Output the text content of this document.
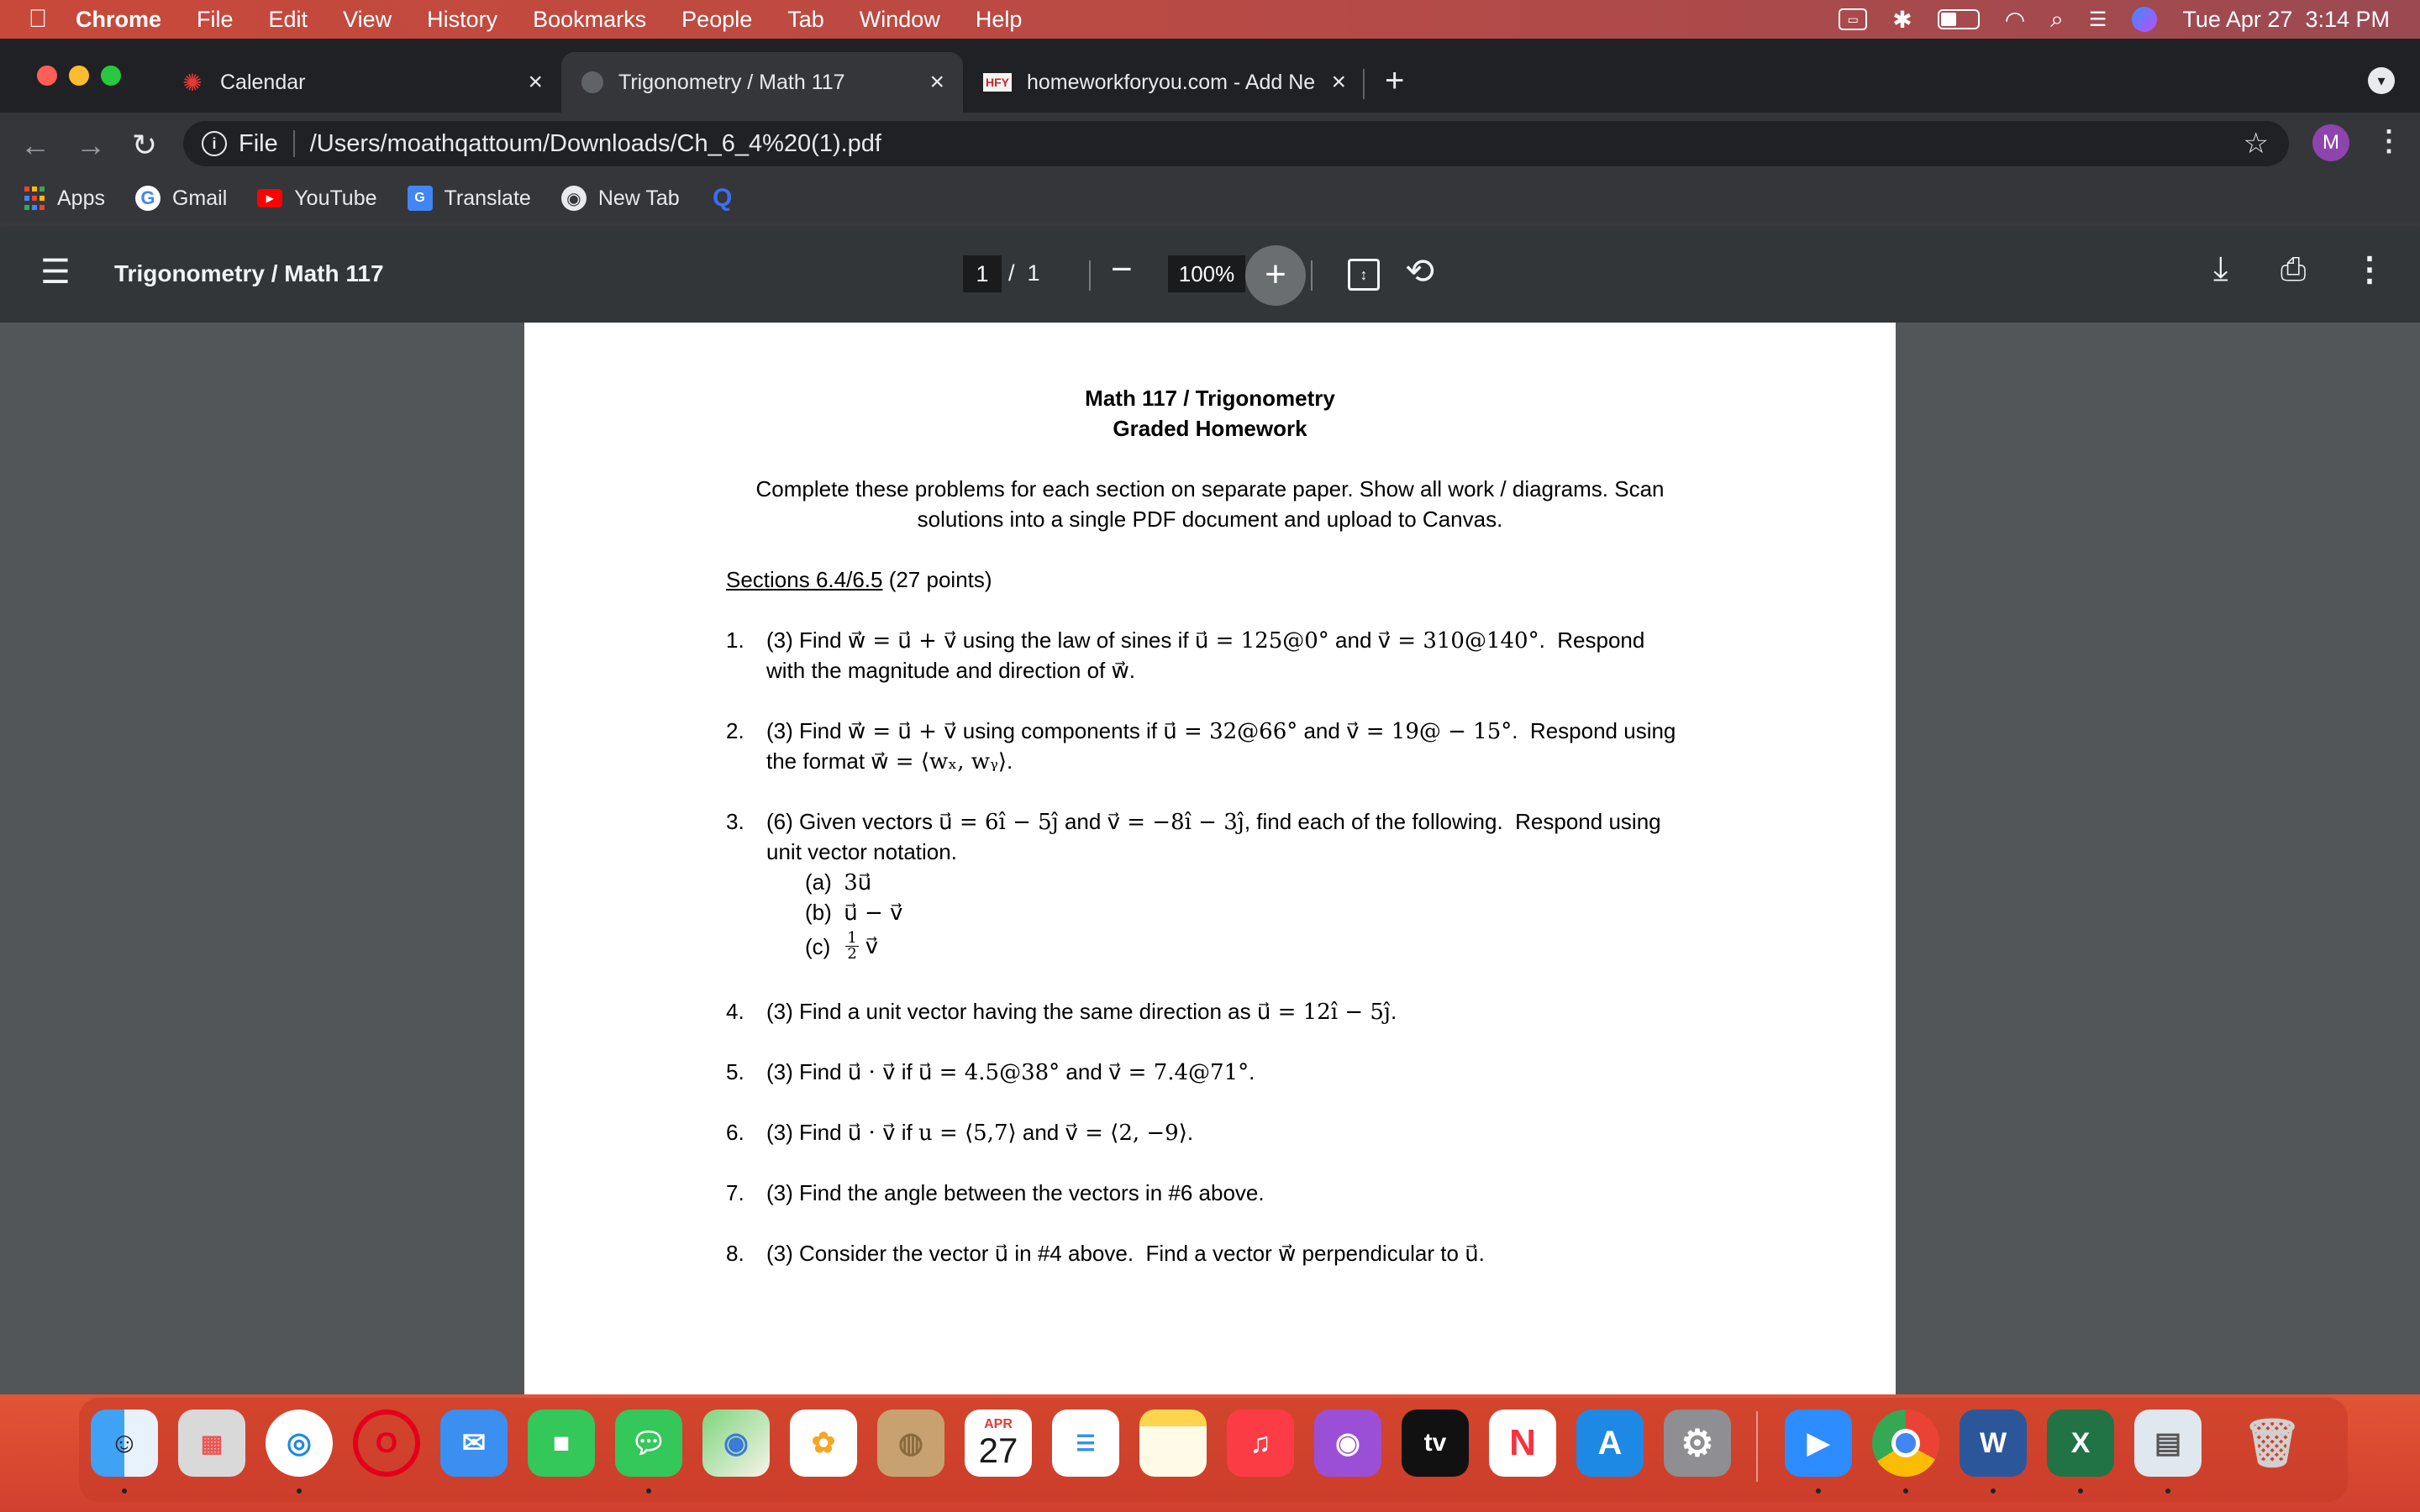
Chrome File Edit View History Bookmarks People Tab Window Help	▭	✱	◠ ⌕ ☰	Tue Apr 27  3:14 PM
✺ Calendar	×	Trigonometry / Math 117	×	HFY homeworkforyou.com - Add Ne × +	▾
← → ↻	i File /Users/moathqattoum/Downloads/Ch_6_4%20(1).pdf	☆	M	⋮
Apps G Gmail	▶ YouTube	G Translate	◉ New Tab Q
☰ Trigonometry / Math 117	1 /  1 −	100% +	↕	⟲	⤓ ⎙ ⋮
Math 117 / Trigonometry
Graded Homework
Complete these problems for each section on separate paper. Show all work / diagrams. Scan
solutions into a single PDF document and upload to Canvas.
Sections 6.4/6.5 (27 points)
1. (3) Find w⃗ = u⃗ + v⃗ using the law of sines if u⃗ = 125@0° and v⃗ = 310@140°.  Respond
with the magnitude and direction of w⃗.
2. (3) Find w⃗ = u⃗ + v⃗ using components if u⃗ = 32@66° and v⃗ = 19@ − 15°.  Respond using
the format w⃗ = ⟨wₓ, wᵧ⟩.
3. (6) Given vectors u⃗ = 6î − 5ĵ and v⃗ = −8î − 3ĵ, find each of the following.  Respond using
unit vector notation.
(a) 3u⃗
(b) u⃗ − v⃗
$(c) \frac{1}{2}$ v⃗
4. (3) Find a unit vector having the same direction as u⃗ = 12î − 5ĵ.
5. (3) Find u⃗ · v⃗ if u⃗ = 4.5@38° and v⃗ = 7.4@71°.
6. (3) Find u⃗ · v⃗ if u = ⟨5,7⟩ and v⃗ = ⟨2, −9⟩.
7. (3) Find the angle between the vectors in #6 above.
8. (3) Consider the vector u⃗ in #4 above.  Find a vector w⃗ perpendicular to u⃗.
☺	▦	◎	O	✉	■	💬︎	◉	✿	◍
APR
27	☰	♫	◉	tv	N	A	⚙	▶	W	X	▤	🗑︎
